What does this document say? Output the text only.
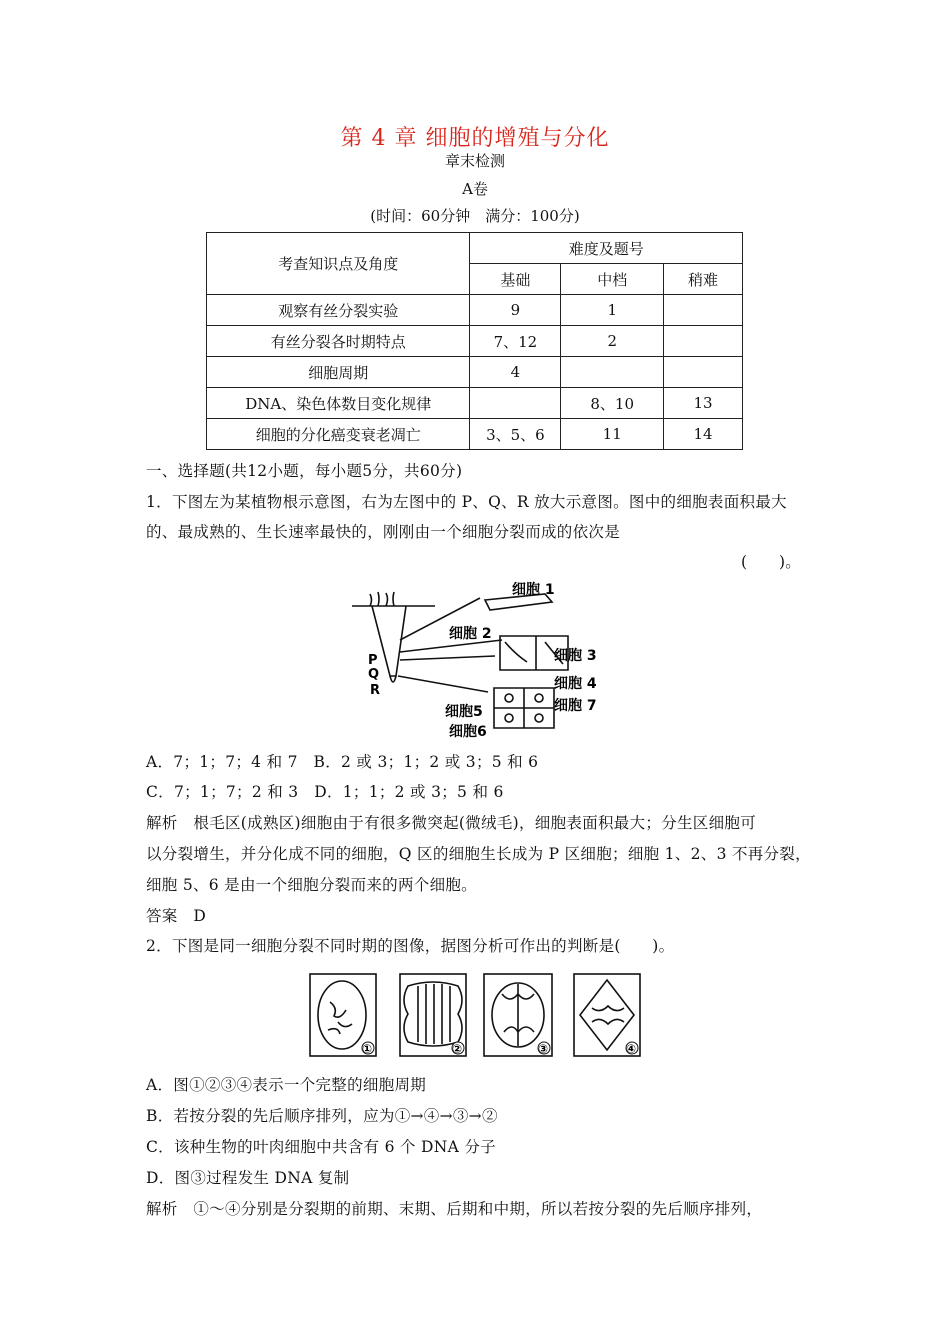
第 4 章 细胞的增殖与分化
章末检测
A卷
(时间：60分钟　满分：100分)
考查知识点及角度	难度及题号		
	基础	中档	稍难
观察有丝分裂实验	9	1	
有丝分裂各时期特点	7、12	2	
细胞周期	4		
DNA、染色体数目变化规律		8、10	13
细胞的分化癌变衰老凋亡	3、5、6	11	14
一、选择题(共12小题，每小题5分，共60分)
1．下图左为某植物根示意图，右为左图中的 P、Q、R 放大示意图。图中的细胞表面积最大
的、最成熟的、生长速率最快的，刚刚由一个细胞分裂而成的依次是
(　　)。
细胞 1
细胞 2
细胞 3
细胞 4
细胞5	细胞 7
细胞6
P
Q
R
A．7；1；7；4 和 7　B．2 或 3；1；2 或 3；5 和 6
C．7；1；7；2 和 3　D．1；1；2 或 3；5 和 6
解析　根毛区(成熟区)细胞由于有很多微突起(微绒毛)，细胞表面积最大；分生区细胞可
以分裂增生，并分化成不同的细胞，Q 区的细胞生长成为 P 区细胞；细胞 1、2、3 不再分裂，
细胞 5、6 是由一个细胞分裂而来的两个细胞。
答案　D
2．下图是同一细胞分裂不同时期的图像，据图分析可作出的判断是(　　)。
①	②	③	④
A．图①②③④表示一个完整的细胞周期
B．若按分裂的先后顺序排列，应为①→④→③→②
C．该种生物的叶肉细胞中共含有 6 个 DNA 分子
D．图③过程发生 DNA 复制
解析　①～④分别是分裂期的前期、末期、后期和中期，所以若按分裂的先后顺序排列，
